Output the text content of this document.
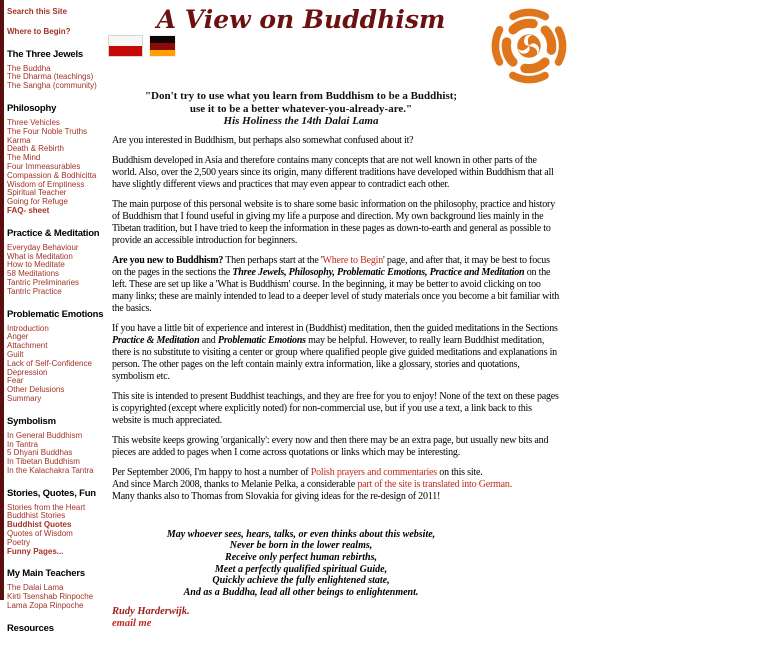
Search this Site
Where to Begin?
The Three Jewels
The Buddha
The Dharma (teachings)
The Sangha (community)
Philosophy
Three Vehicles
The Four Noble Truths
Karma
Death & Rebirth
The Mind
Four Immeasurables
Compassion & Bodhicitta
Wisdom of Emptiness
Spiritual Teacher
Going for Refuge
FAQ- sheet
Practice & Meditation
Everyday Behaviour
What is Meditation
How to Meditate
58 Meditations
Tantric Preliminaries
Tantric Practice
Problematic Emotions
Introduction
Anger
Attachment
Guilt
Lack of Self-Confidence
Depression
Fear
Other Delusions
Summary
Symbolism
In General Buddhism
In Tantra
5 Dhyani Buddhas
In Tibetan Buddhism
In the Kalachakra Tantra
Stories, Quotes, Fun
Stories from the Heart
Buddhist Stories
Buddhist Quotes
Quotes of Wisdom
Poetry
Funny Pages...
My Main Teachers
The Dalai Lama
Kirti Tsenshab Rinpoche
Lama Zopa Rinpoche
Resources
A View on Buddhism
"Don't try to use what you learn from Buddhism to be a Buddhist;
use it to be a better whatever-you-already-are."
His Holiness the 14th Dalai Lama

Are you interested in Buddhism, but perhaps also somewhat confused about it?

Buddhism developed in Asia and therefore contains many concepts that are not well known in other parts of the world. Also, over the 2,500 years since its origin, many different traditions have developed within Buddhism that all have slightly different views and practices that may even appear to contradict each other.

The main purpose of this personal website is to share some basic information on the philosophy, practice and history of Buddhism that I found useful in giving my life a purpose and direction. My own background lies mainly in the Tibetan tradition, but I have tried to keep the information in these pages as down-to-earth and general as possible to provide an accessible introduction for beginners.

Are you new to Buddhism? Then perhaps start at the 'Where to Begin' page, and after that, it may be best to focus on the pages in the sections the Three Jewels, Philosophy, Problematic Emotions, Practice and Meditation on the left. These are set up like a 'What is Buddhism' course. In the beginning, it may be better to avoid clicking on too many links; these are mainly intended to lead to a deeper level of study materials once you become a bit familiar with the basics.

If you have a little bit of experience and interest in (Buddhist) meditation, then the guided meditations in the Sections Practice & Meditation and Problematic Emotions may be helpful. However, to really learn Buddhist meditation, there is no substitute to visiting a center or group where qualified people give guided meditations and explanations in person. The other pages on the left contain mainly extra information, like a glossary, stories and quotations, symbolism etc.

This site is intended to present Buddhist teachings, and they are free for you to enjoy! None of the text on these pages is copyrighted (except where explicitly noted) for non-commercial use, but if you use a text, a link back to this website is much appreciated.

This website keeps growing 'organically': every now and then there may be an extra page, but usually new bits and pieces are added to pages when I come across quotations or links which may be interesting.

Per September 2006, I'm happy to host a number of Polish prayers and commentaries on this site.
And since March 2008, thanks to Melanie Pelka, a considerable part of the site is translated into German.
Many thanks also to Thomas from Slovakia for giving ideas for the re-design of 2011!

May whoever sees, hears, talks, or even thinks about this website,
Never be born in the lower realms,
Receive only perfect human rebirths,
Meet a perfectly qualified spiritual Guide,
Quickly achieve the fully enlightened state,
And as a Buddha, lead all other beings to enlightenment.
Rudy Harderwijk.
email me
